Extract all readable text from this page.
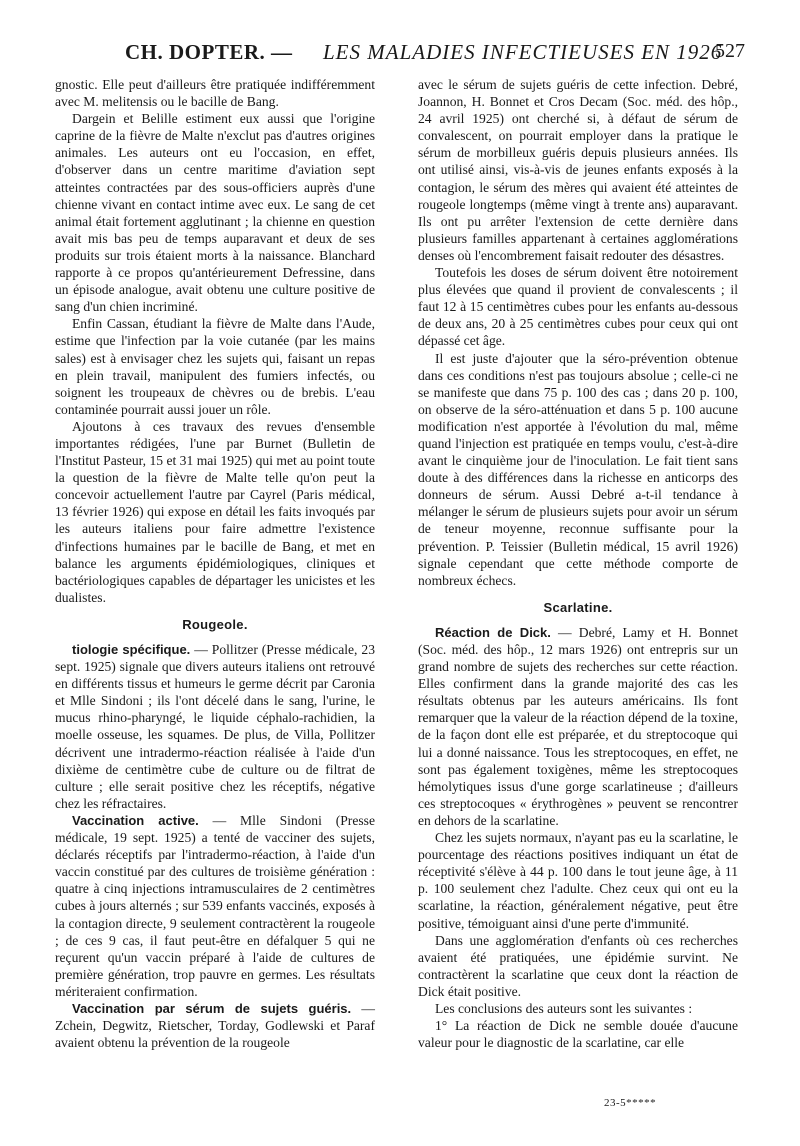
CH. DOPTER. — LES MALADIES INFECTIEUSES EN 1926
527

gnostic. Elle peut d'ailleurs être pratiquée indifféremment avec M. melitensis ou le bacille de Bang.

Dargein et Belille estiment eux aussi que l'origine caprine de la fièvre de Malte n'exclut pas d'autres origines animales. Les auteurs ont eu l'occasion, en effet, d'observer dans un centre maritime d'aviation sept atteintes contractées par des sous-officiers auprès d'une chienne vivant en contact intime avec eux. Le sang de cet animal était fortement agglutinant ; la chienne en question avait mis bas peu de temps auparavant et deux de ses produits sur trois étaient morts à la naissance. Blanchard rapporte à ce propos qu'antérieurement Defressine, dans un épisode analogue, avait obtenu une culture positive de sang d'un chien incriminé.

Enfin Cassan, étudiant la fièvre de Malte dans l'Aude, estime que l'infection par la voie cutanée (par les mains sales) est à envisager chez les sujets qui, faisant un repas en plein travail, manipulent des fumiers infectés, ou soignent les troupeaux de chèvres ou de brebis. L'eau contaminée pourrait aussi jouer un rôle.

Ajoutons à ces travaux des revues d'ensemble importantes rédigées, l'une par Burnet (Bulletin de l'Institut Pasteur, 15 et 31 mai 1925) qui met au point toute la question de la fièvre de Malte telle qu'on peut la concevoir actuellement l'autre par Cayrel (Paris médical, 13 février 1926) qui expose en détail les faits invoqués par les auteurs italiens pour faire admettre l'existence d'infections humaines par le bacille de Bang, et met en balance les arguments épidémiologiques, cliniques et bactériologiques capables de départager les unicistes et les dualistes.

Rougeole.

tiologie spécifique. — Pollitzer (Presse médicale, 23 sept. 1925) signale que divers auteurs italiens ont retrouvé en différents tissus et humeurs le germe décrit par Caronia et Mlle Sindoni ; ils l'ont décelé dans le sang, l'urine, le mucus rhino-pharyngé, le liquide céphalo-rachidien, la moelle osseuse, les squames. De plus, de Villa, Pollitzer décrivent une intradermo-réaction réalisée à l'aide d'un dixième de centimètre cube de culture ou de filtrat de culture ; elle serait positive chez les réceptifs, négative chez les réfractaires.

Vaccination active. — Mlle Sindoni (Presse médicale, 19 sept. 1925) a tenté de vacciner des sujets, déclarés réceptifs par l'intradermo-réaction, à l'aide d'un vaccin constitué par des cultures de troisième génération : quatre à cinq injections intramusculaires de 2 centimètres cubes à jours alternés ; sur 539 enfants vaccinés, exposés à la contagion directe, 9 seulement contractèrent la rougeole ; de ces 9 cas, il faut peut-être en défalquer 5 qui ne reçurent qu'un vaccin préparé à l'aide de cultures de première génération, trop pauvre en germes. Les résultats mériteraient confirmation.

Vaccination par sérum de sujets guéris. — Zchein, Degwitz, Rietscher, Torday, Godlewski et Paraf avaient obtenu la prévention de la rougeole

avec le sérum de sujets guéris de cette infection. Debré, Joannon, H. Bonnet et Cros Decam (Soc. méd. des hôp., 24 avril 1925) ont cherché si, à défaut de sérum de convalescent, on pourrait employer dans la pratique le sérum de morbilleux guéris depuis plusieurs années. Ils ont utilisé ainsi, vis-à-vis de jeunes enfants exposés à la contagion, le sérum des mères qui avaient été atteintes de rougeole longtemps (même vingt à trente ans) auparavant. Ils ont pu arrêter l'extension de cette dernière dans plusieurs familles appartenant à certaines agglomérations denses où l'encombrement faisait redouter des désastres.

Toutefois les doses de sérum doivent être notoirement plus élevées que quand il provient de convalescents ; il faut 12 à 15 centimètres cubes pour les enfants au-dessous de deux ans, 20 à 25 centimètres cubes pour ceux qui ont dépassé cet âge.

Il est juste d'ajouter que la séro-prévention obtenue dans ces conditions n'est pas toujours absolue ; celle-ci ne se manifeste que dans 75 p. 100 des cas ; dans 20 p. 100, on observe de la séro-atténuation et dans 5 p. 100 aucune modification n'est apportée à l'évolution du mal, même quand l'injection est pratiquée en temps voulu, c'est-à-dire avant le cinquième jour de l'inoculation. Le fait tient sans doute à des différences dans la richesse en anticorps des donneurs de sérum. Aussi Debré a-t-il tendance à mélanger le sérum de plusieurs sujets pour avoir un sérum de teneur moyenne, reconnue suffisante pour la prévention. P. Teissier (Bulletin médical, 15 avril 1926) signale cependant que cette méthode comporte de nombreux échecs.

Scarlatine.

Réaction de Dick. — Debré, Lamy et H. Bonnet (Soc. méd. des hôp., 12 mars 1926) ont entrepris sur un grand nombre de sujets des recherches sur cette réaction. Elles confirment dans la grande majorité des cas les résultats obtenus par les auteurs américains. Ils font remarquer que la valeur de la réaction dépend de la toxine, de la façon dont elle est préparée, et du streptocoque qui lui a donné naissance. Tous les streptocoques, en effet, ne sont pas également toxigènes, même les streptocoques hémolytiques issus d'une gorge scarlatineuse ; d'ailleurs ces streptocoques « érythrogènes » peuvent se rencontrer en dehors de la scarlatine.

Chez les sujets normaux, n'ayant pas eu la scarlatine, le pourcentage des réactions positives indiquant un état de réceptivité s'élève à 44 p. 100 dans le tout jeune âge, à 11 p. 100 seulement chez l'adulte. Chez ceux qui ont eu la scarlatine, la réaction, généralement négative, peut être positive, témoiguant ainsi d'une perte d'immunité.

Dans une agglomération d'enfants où ces recherches avaient été pratiquées, une épidémie survint. Ne contractèrent la scarlatine que ceux dont la réaction de Dick était positive.

Les conclusions des auteurs sont les suivantes :

1° La réaction de Dick ne semble douée d'aucune valeur pour le diagnostic de la scarlatine, car elle

23-5*****
